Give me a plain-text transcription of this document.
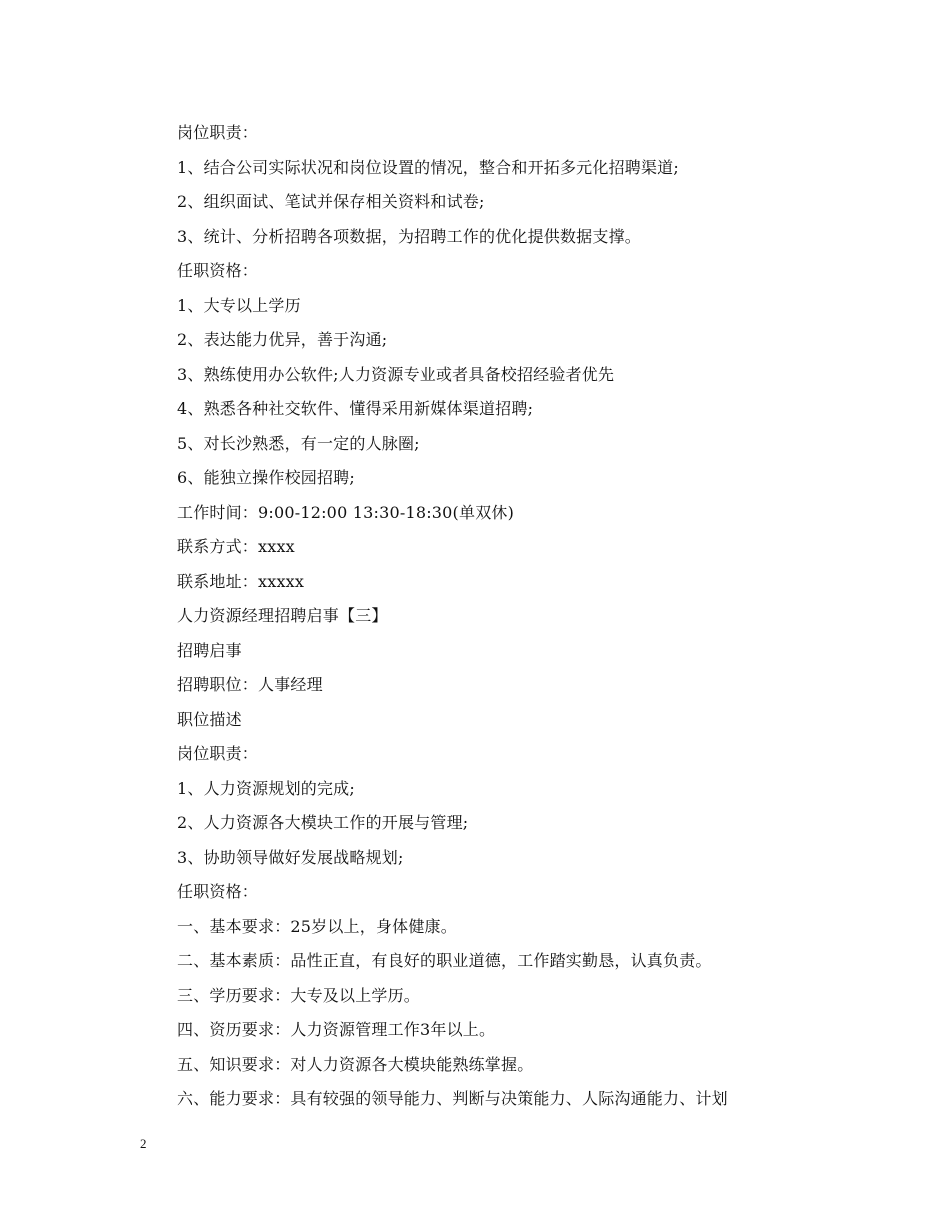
岗位职责：
1、结合公司实际状况和岗位设置的情况，整合和开拓多元化招聘渠道;
2、组织面试、笔试并保存相关资料和试卷;
3、统计、分析招聘各项数据，为招聘工作的优化提供数据支撑。
任职资格：
1、大专以上学历
2、表达能力优异，善于沟通;
3、熟练使用办公软件;人力资源专业或者具备校招经验者优先
4、熟悉各种社交软件、懂得采用新媒体渠道招聘;
5、对长沙熟悉，有一定的人脉圈;
6、能独立操作校园招聘;
工作时间：9:00-12:00 13:30-18:30(单双休)
联系方式：xxxx
联系地址：xxxxx
人力资源经理招聘启事【三】
招聘启事
招聘职位：人事经理
职位描述
岗位职责：
1、人力资源规划的完成;
2、人力资源各大模块工作的开展与管理;
3、协助领导做好发展战略规划;
任职资格：
一、基本要求：25岁以上，身体健康。
二、基本素质：品性正直，有良好的职业道德，工作踏实勤恳，认真负责。
三、学历要求：大专及以上学历。
四、资历要求：人力资源管理工作3年以上。
五、知识要求：对人力资源各大模块能熟练掌握。
六、能力要求：具有较强的领导能力、判断与决策能力、人际沟通能力、计划
2
